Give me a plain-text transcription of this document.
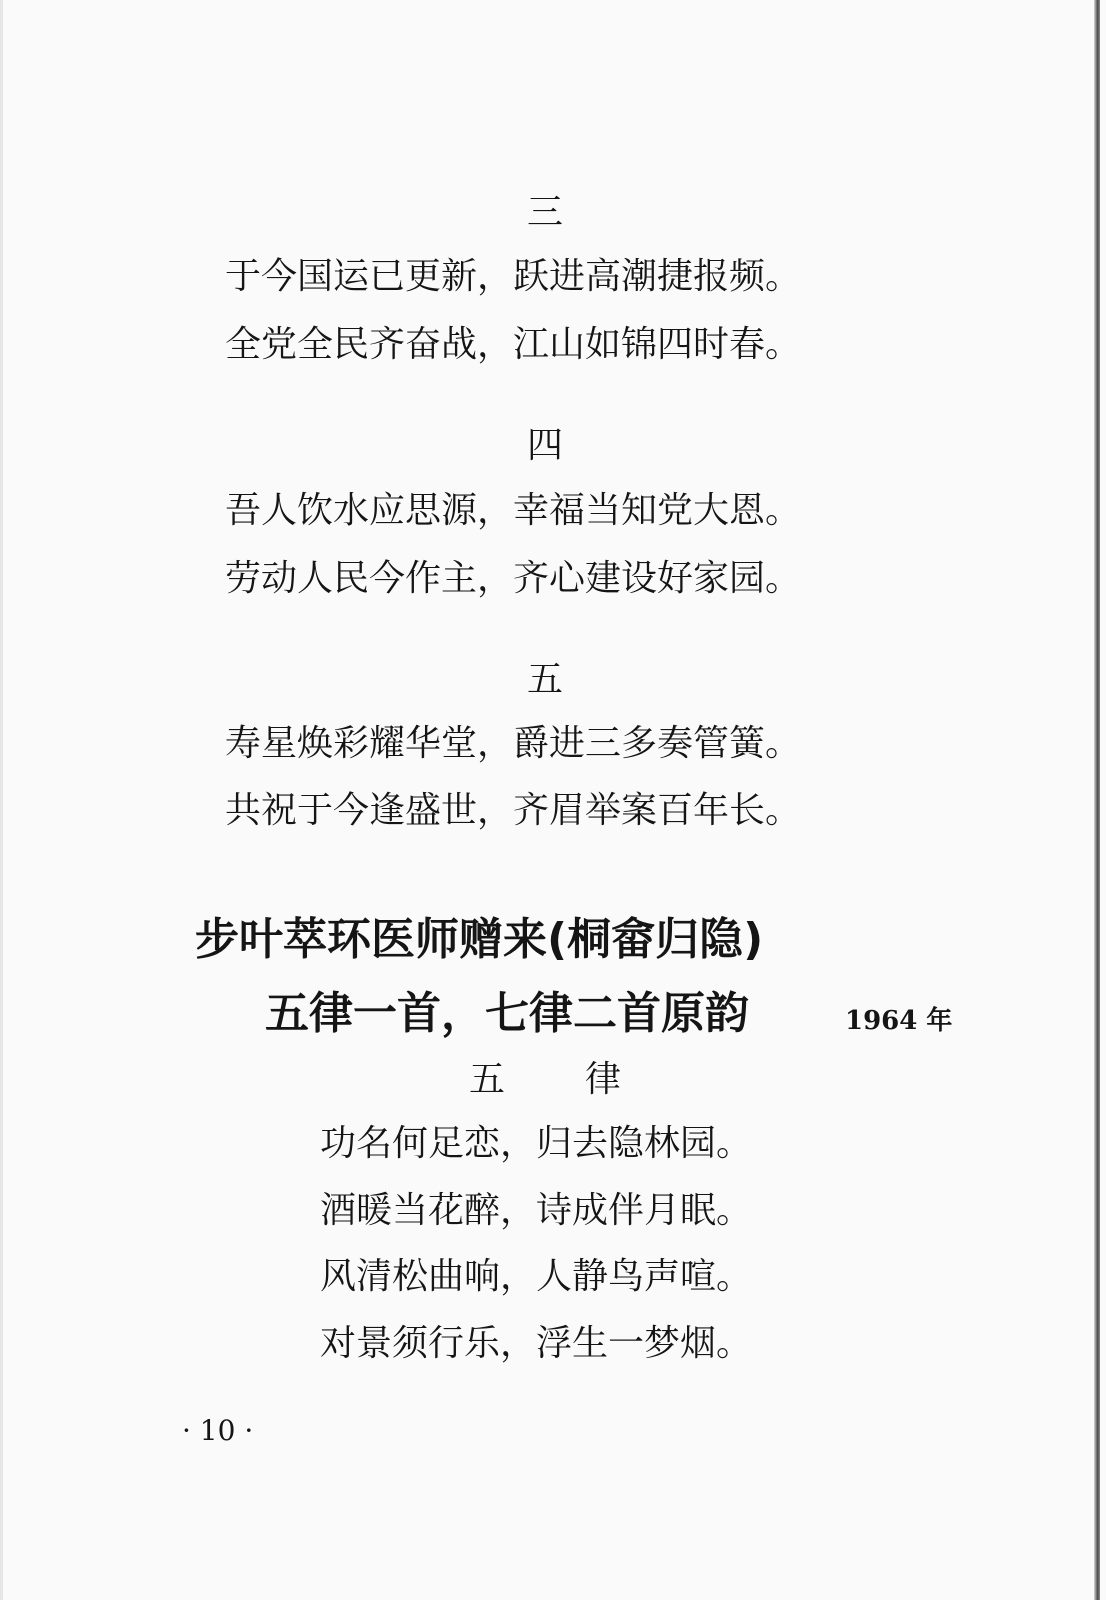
三
于今国运已更新，跃进高潮捷报频。
全党全民齐奋战，江山如锦四时春。
四
吾人饮水应思源，幸福当知党大恩。
劳动人民今作主，齐心建设好家园。
五
寿星焕彩耀华堂，爵进三多奏管簧。
共祝于今逢盛世，齐眉举案百年长。
步叶萃环医师赠来(桐畲归隐)
五律一首，七律二首原韵	1964 年
五 律
功名何足恋，归去隐林园。
酒暖当花醉，诗成伴月眠。
风清松曲响，人静鸟声喧。
对景须行乐，浮生一梦烟。
· 10 ·
